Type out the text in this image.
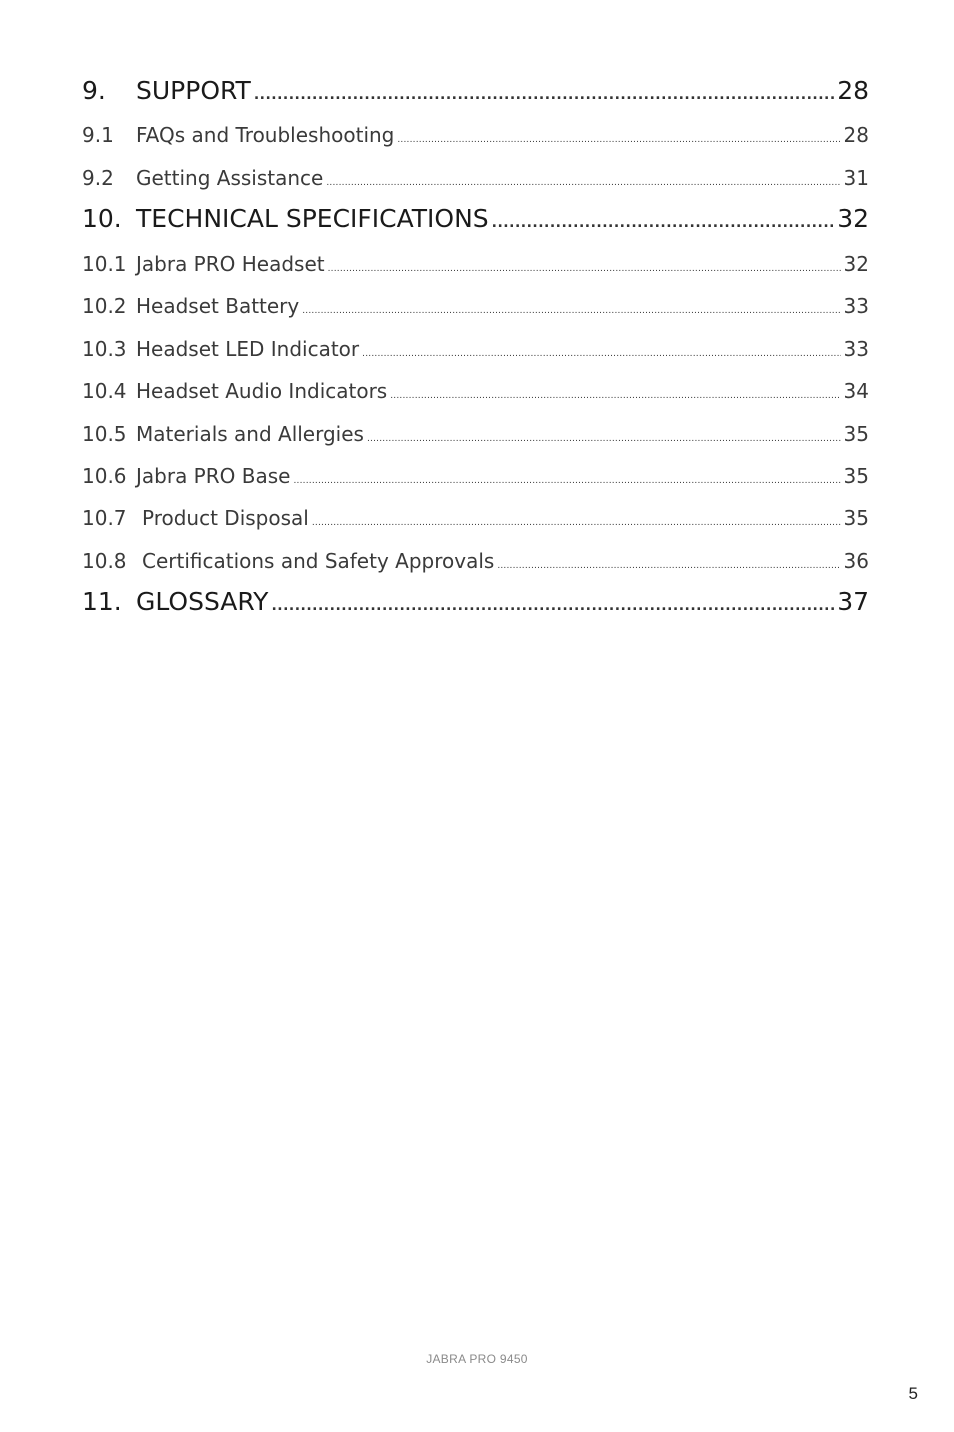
9.	SUPPORT .....	28
9.1	FAQs and Troubleshooting .....	28
9.2	Getting Assistance .....	31
10. TECHNICAL SPECIFICATIONS .....	32
10.1 Jabra PRO Headset .....	32
10.2 Headset Battery .....	33
10.3 Headset LED Indicator .....	33
10.4 Headset Audio Indicators .....	34
10.5 Materials and Allergies .....	35
10.6 Jabra PRO Base .....	35
10.7 Product Disposal .....	35
10.8 Certifications and Safety Approvals .....	36
11. GLOSSARY .....	37
JABRA PRO 9450
5
